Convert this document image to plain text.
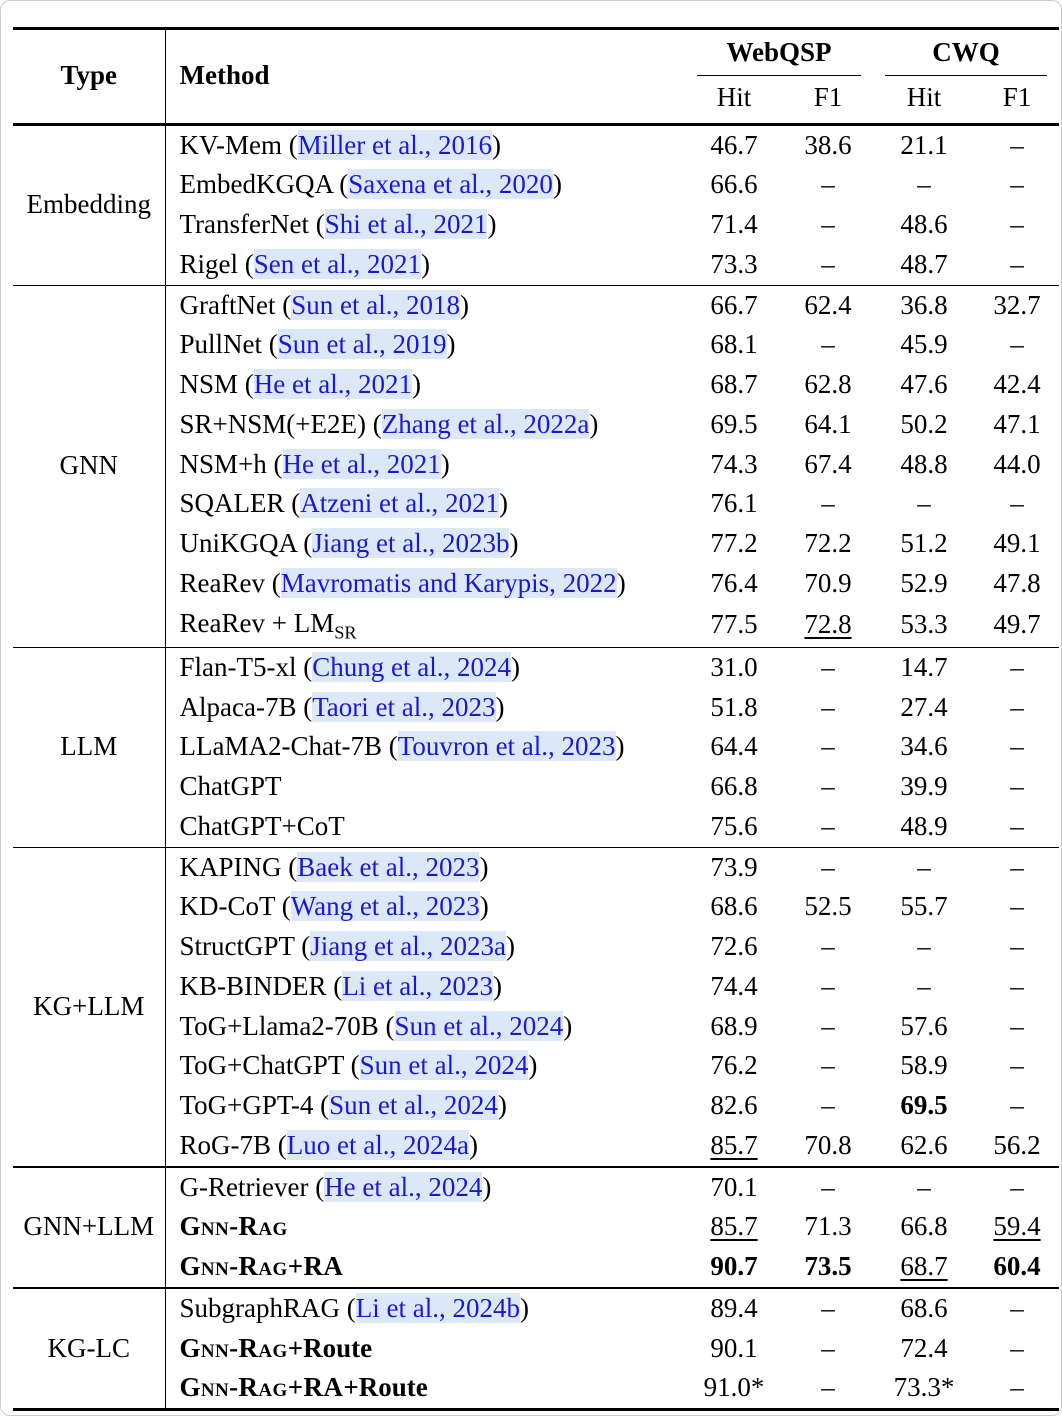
Type	Method	WebQSP		CWQ	

		Hit	F1	Hit	F1
Embedding	KV-Mem (Miller et al., 2016)	46.7	38.6	21.1	–
	EmbedKGQA (Saxena et al., 2020)	66.6	–	–	–
	TransferNet (Shi et al., 2021)	71.4	–	48.6	–
	Rigel (Sen et al., 2021)	73.3	–	48.7	–
GNN	GraftNet (Sun et al., 2018)	66.7	62.4	36.8	32.7
	PullNet (Sun et al., 2019)	68.1	–	45.9	–
	NSM (He et al., 2021)	68.7	62.8	47.6	42.4
	SR+NSM(+E2E) (Zhang et al., 2022a)	69.5	64.1	50.2	47.1
	NSM+h (He et al., 2021)	74.3	67.4	48.8	44.0
	SQALER (Atzeni et al., 2021)	76.1	–	–	–
	UniKGQA (Jiang et al., 2023b)	77.2	72.2	51.2	49.1
	ReaRev (Mavromatis and Karypis, 2022)	76.4	70.9	52.9	47.8
	ReaRev + $LM_{SR}$	77.5	72.8	53.3	49.7
LLM	Flan-T5-xl (Chung et al., 2024)	31.0	–	14.7	–
	Alpaca-7B (Taori et al., 2023)	51.8	–	27.4	–
	LLaMA2-Chat-7B (Touvron et al., 2023)	64.4	–	34.6	–
	ChatGPT	66.8	–	39.9	–
	ChatGPT+CoT	75.6	–	48.9	–
KG+LLM	KAPING (Baek et al., 2023)	73.9	–	–	–
	KD-CoT (Wang et al., 2023)	68.6	52.5	55.7	–
	StructGPT (Jiang et al., 2023a)	72.6	–	–	–
	KB-BINDER (Li et al., 2023)	74.4	–	–	–
	ToG+Llama2-70B (Sun et al., 2024)	68.9	–	57.6	–
	ToG+ChatGPT (Sun et al., 2024)	76.2	–	58.9	–
	ToG+GPT-4 (Sun et al., 2024)	82.6	–	69.5	–
	RoG-7B (Luo et al., 2024a)	85.7	70.8	62.6	56.2
GNN+LLM	G-Retriever (He et al., 2024)	70.1	–	–	–
	Gnn-Rag	85.7	71.3	66.8	59.4
	Gnn-Rag+RA	90.7	73.5	68.7	60.4
KG-LC	SubgraphRAG (Li et al., 2024b)	89.4	–	68.6	–
	Gnn-Rag+Route	90.1	–	72.4	–
	Gnn-Rag+RA+Route	91.0*	–	73.3*	–
